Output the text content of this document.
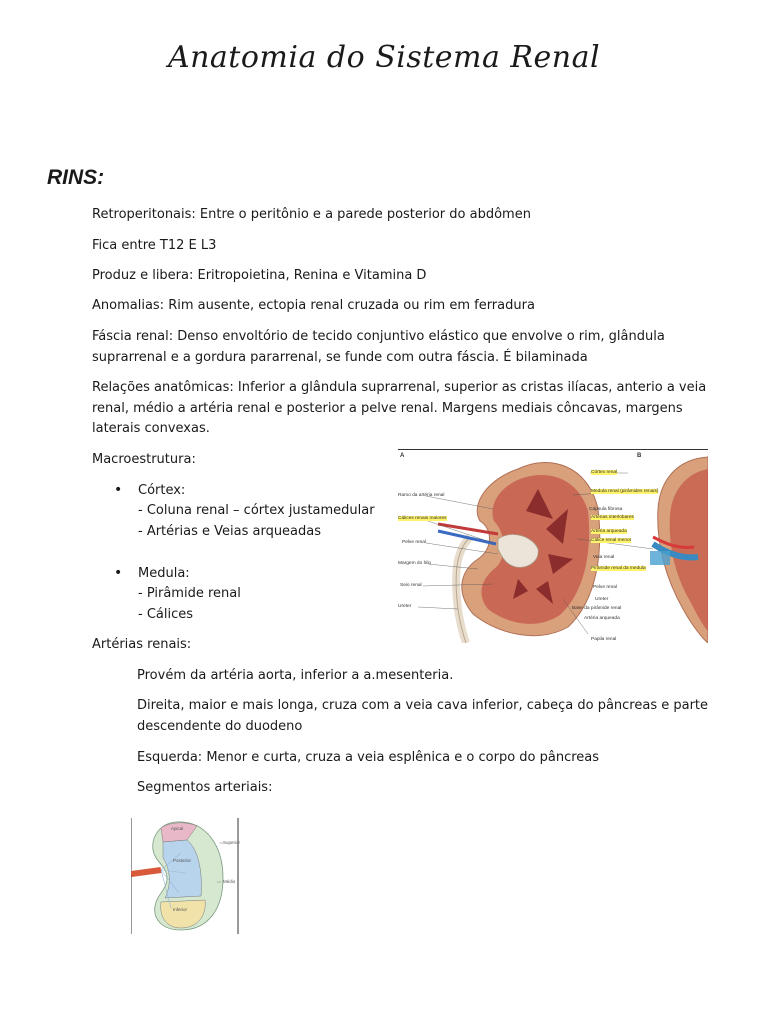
Anatomia do Sistema Renal
RINS:

Retroperitonais: Entre o peritônio e a parede posterior do abdômen

Fica entre T12 E L3

Produz e libera: Eritropoietina, Renina e Vitamina D

Anomalias: Rim ausente, ectopia renal cruzada ou rim em ferradura

Fáscia renal: Denso envoltório de tecido conjuntivo elástico que envolve o rim, glândula suprarrenal e a gordura pararrenal, se funde com outra fáscia. É bilaminada

Relações anatômicas: Inferior a glândula suprarrenal, superior as cristas ilíacas, anterio a veia renal, médio a artéria renal e posterior a pelve renal. Margens mediais côncavas, margens laterais convexas.

Macroestrutura:

• Córtex:
- Coluna renal – córtex justamedular
- Artérias e Veias arqueadas
• Medula:
- Pirâmide renal
- Cálices

Artérias renais:

Provém da artéria aorta, inferior a a.mesenteria.

Direita, maior e mais longa, cruza com a veia cava inferior, cabeça do pâncreas e parte descendente do duodeno

Esquerda: Menor e curta, cruza a veia esplênica e o corpo do pâncreas

Segmentos arteriais:

A	B
Ramo da artéria renal
Cálices renais maiores
Pelve renal
Margem do hilo
Seio renal
Ureter
Córtex renal
Medula renal (pirâmides renais)
Cápsula fibrosa
Artérias interlobares
Artéria arqueada
Cálice renal menor
Veia renal
Pirâmide renal da medula
Pelve renal
Ureter
Base da pirâmide renal
Artéria arqueada
Papila renal
Apical
Superior
Posterior
Médio
Inferior
